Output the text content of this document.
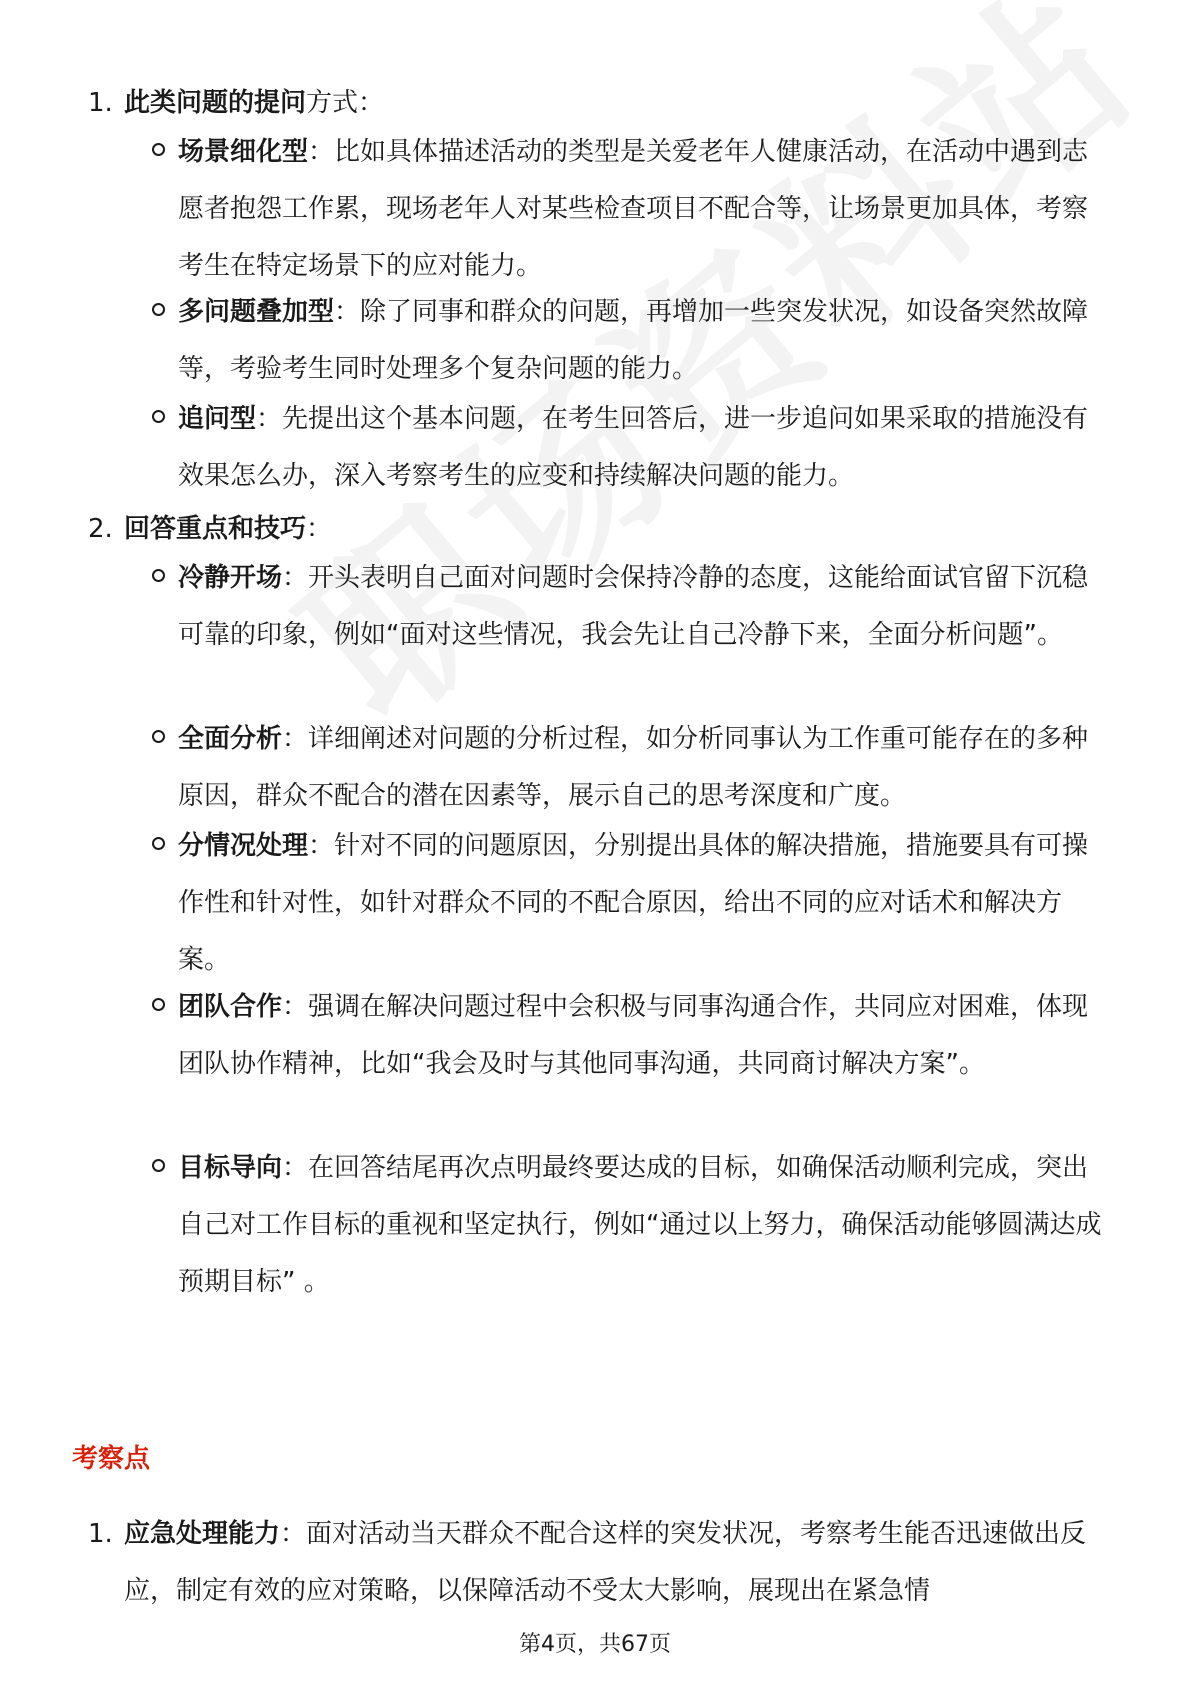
1. 此类问题的提问方式：
场景细化型：比如具体描述活动的类型是关爱老年人健康活动，在活动中遇到志愿者抱怨工作累，现场老年人对某些检查项目不配合等，让场景更加具体，考察考生在特定场景下的应对能力。
多问题叠加型：除了同事和群众的问题，再增加一些突发状况，如设备突然故障等，考验考生同时处理多个复杂问题的能力。
追问型：先提出这个基本问题，在考生回答后，进一步追问如果采取的措施没有效果怎么办，深入考察考生的应变和持续解决问题的能力。
2. 回答重点和技巧：
冷静开场：开头表明自己面对问题时会保持冷静的态度，这能给面试官留下沉稳可靠的印象，例如“面对这些情况，我会先让自己冷静下来，全面分析问题”。
全面分析：详细阐述对问题的分析过程，如分析同事认为工作重可能存在的多种原因，群众不配合的潜在因素等，展示自己的思考深度和广度。
分情况处理：针对不同的问题原因，分别提出具体的解决措施，措施要具有可操作性和针对性，如针对群众不同的不配合原因，给出不同的应对话术和解决方案。
团队合作：强调在解决问题过程中会积极与同事沟通合作，共同应对困难，体现团队协作精神，比如“我会及时与其他同事沟通，共同商讨解决方案”。
目标导向：在回答结尾再次点明最终要达成的目标，如确保活动顺利完成，突出自己对工作目标的重视和坚定执行，例如“通过以上努力，确保活动能够圆满达成预期目标” 。
考察点
1. 应急处理能力：面对活动当天群众不配合这样的突发状况，考察考生能否迅速做出反应，制定有效的应对策略，以保障活动不受太大影响，展现出在紧急情
第4页，共67页
